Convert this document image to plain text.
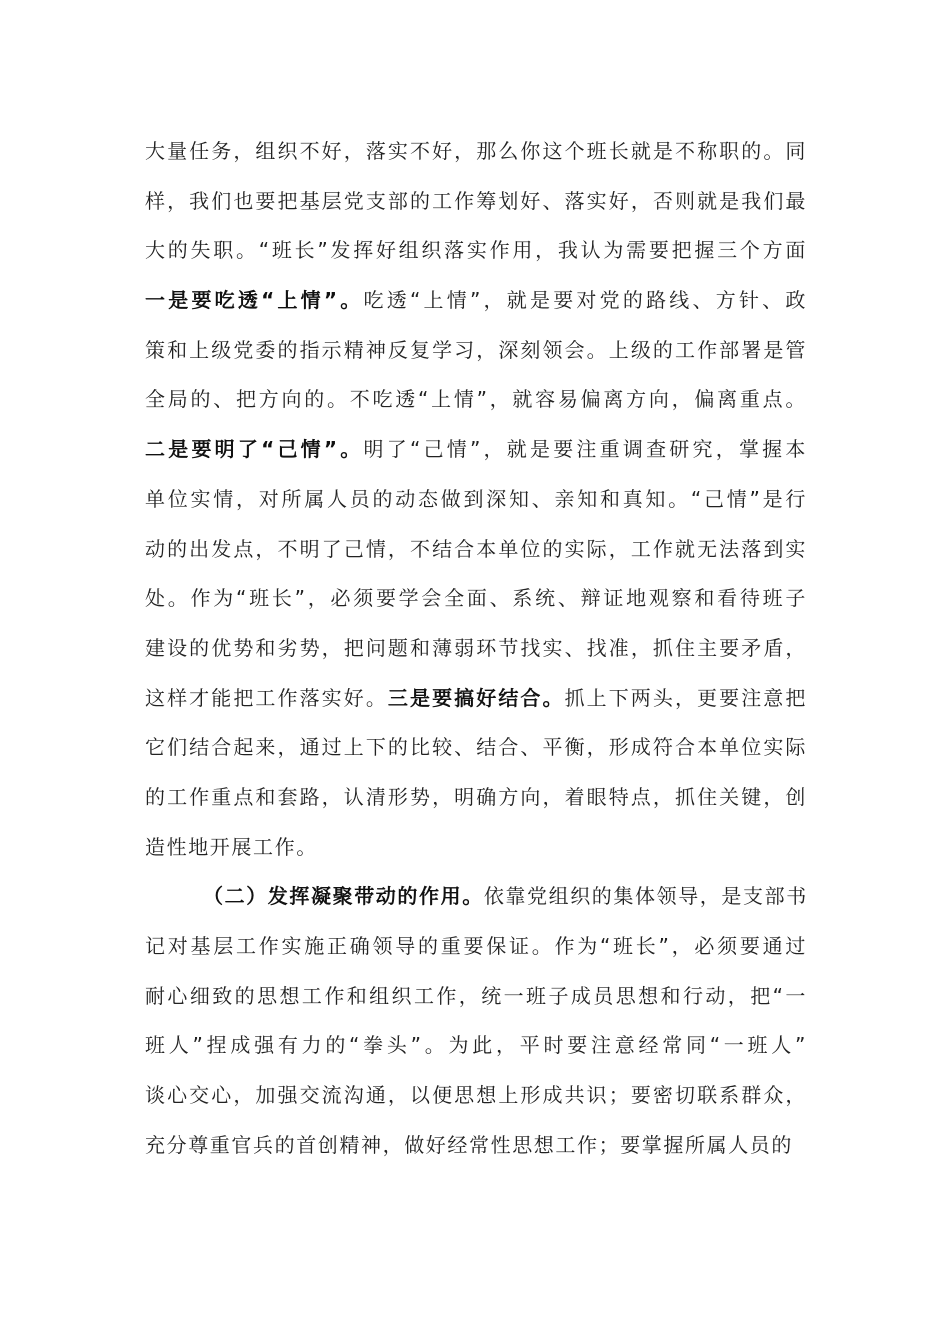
大量任务，组织不好，落实不好，那么你这个班长就是不称职的。同
样，我们也要把基层党支部的工作筹划好、落实好，否则就是我们最
大的失职。“班长”发挥好组织落实作用，我认为需要把握三个方面
一是要吃透“上情”。吃透“上情”，就是要对党的路线、方针、政
策和上级党委的指示精神反复学习，深刻领会。上级的工作部署是管
全局的、把方向的。不吃透“上情”，就容易偏离方向，偏离重点。
二是要明了“己情”。明了“己情”，就是要注重调查研究，掌握本
单位实情，对所属人员的动态做到深知、亲知和真知。“己情”是行
动的出发点，不明了己情，不结合本单位的实际，工作就无法落到实
处。作为“班长”，必须要学会全面、系统、辩证地观察和看待班子
建设的优势和劣势，把问题和薄弱环节找实、找准，抓住主要矛盾，
这样才能把工作落实好。三是要搞好结合。抓上下两头，更要注意把
它们结合起来，通过上下的比较、结合、平衡，形成符合本单位实际
的工作重点和套路，认清形势，明确方向，着眼特点，抓住关键，创
造性地开展工作。
（二）发挥凝聚带动的作用。依靠党组织的集体领导，是支部书
记对基层工作实施正确领导的重要保证。作为“班长”，必须要通过
耐心细致的思想工作和组织工作，统一班子成员思想和行动，把“一
班人”捏成强有力的“拳头”。为此，平时要注意经常同“一班人”
谈心交心，加强交流沟通，以便思想上形成共识；要密切联系群众，
充分尊重官兵的首创精神，做好经常性思想工作；要掌握所属人员的
